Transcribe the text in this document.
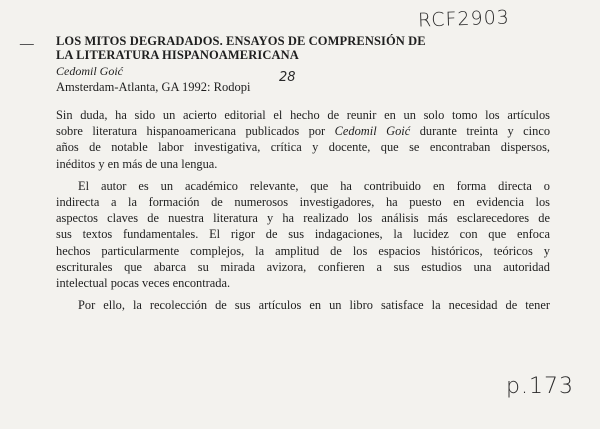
RCF2903
28
p.173
LOS MITOS DEGRADADOS. ENSAYOS DE COMPRENSIÓN DE
LA LITERATURA HISPANOAMERICANA
Cedomil Goić
Amsterdam-Atlanta, GA 1992: Rodopi

Sin duda, ha sido un acierto editorial el hecho de reunir en un solo tomo los artículos
sobre literatura hispanoamericana publicados por Cedomil Goić durante treinta y cinco
años de notable labor investigativa, crítica y docente, que se encontraban dispersos,
inéditos y en más de una lengua.

El autor es un académico relevante, que ha contribuido en forma directa o
indirecta a la formación de numerosos investigadores, ha puesto en evidencia los
aspectos claves de nuestra literatura y ha realizado los análisis más esclarecedores de
sus textos fundamentales. El rigor de sus indagaciones, la lucidez con que enfoca
hechos particularmente complejos, la amplitud de los espacios históricos, teóricos y
escriturales que abarca su mirada avizora, confieren a sus estudios una autoridad
intelectual pocas veces encontrada.

Por ello, la recolección de sus artículos en un libro satisface la necesidad de tener
